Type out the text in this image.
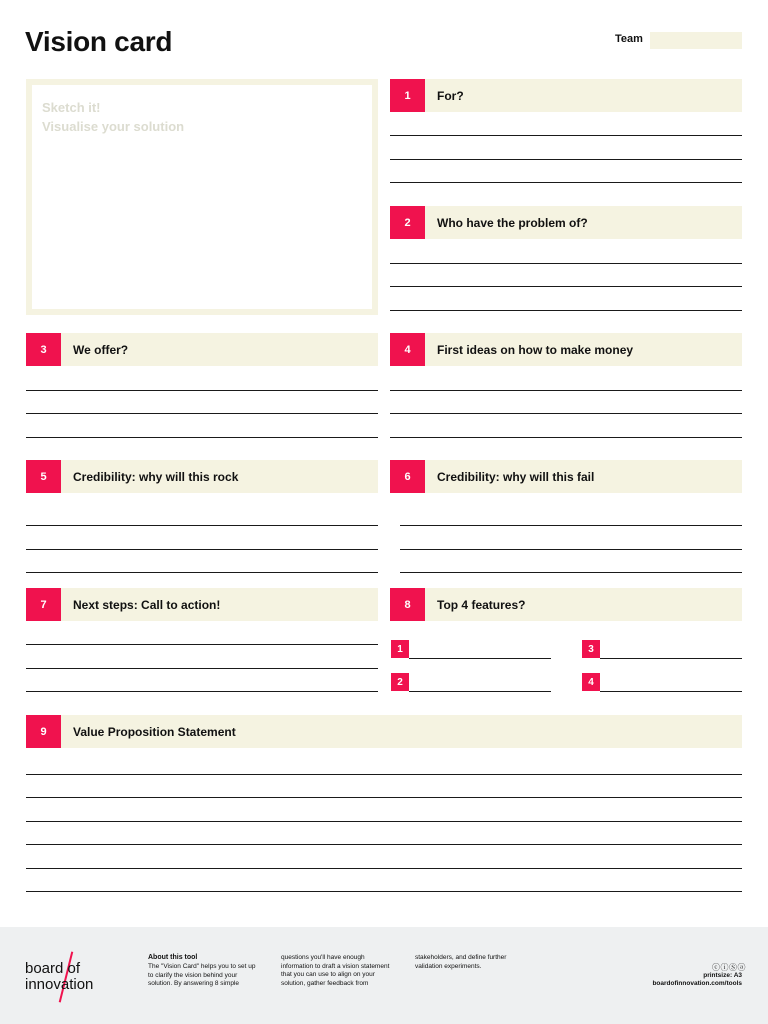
Vision card	Team
Sketch it!
Visualise your solution
1	For?
2	Who have the problem of?
3	We offer?	4	First ideas on how to make money
5	Credibility: why will this rock	6	Credibility: why will this fail
7	Next steps: Call to action!	8	Top 4 features?
1	3
2	4
9	Value Proposition Statement
board of
innovation
About this tool
The "Vision Card" helps you to set up to clarify the vision behind your solution. By answering 8 simple
questions you'll have enough information to draft a vision statement that you can use to align on your solution, gather feedback from
stakeholders, and define further validation experiments.	ⓒⓘⓈⓐ
printsize: A3
boardofinnovation.com/tools
